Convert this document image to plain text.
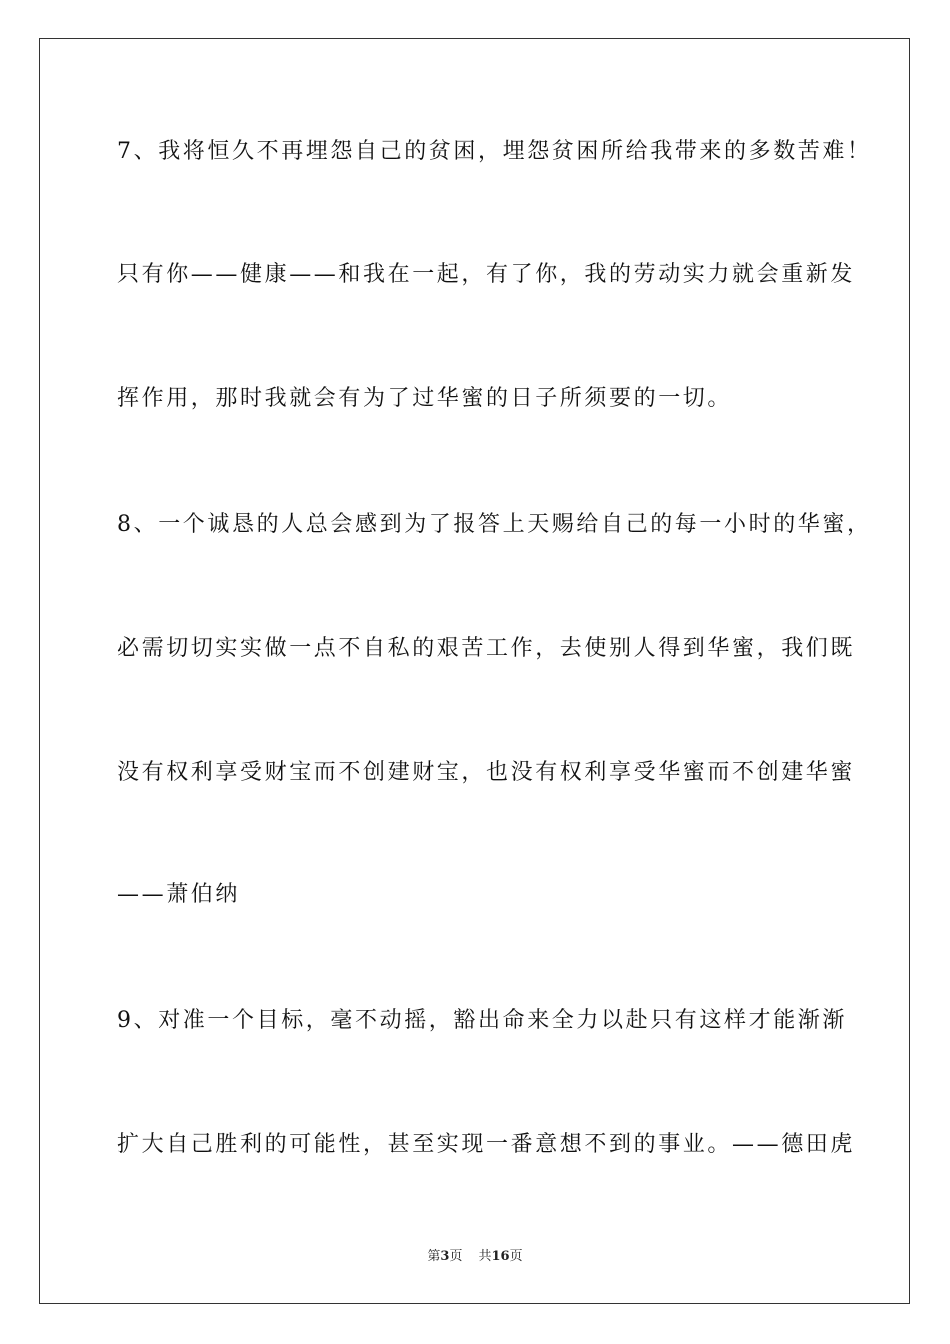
7、我将恒久不再埋怨自己的贫困，埋怨贫困所给我带来的多数苦难！
只有你——健康——和我在一起，有了你，我的劳动实力就会重新发
挥作用，那时我就会有为了过华蜜的日子所须要的一切。
8、一个诚恳的人总会感到为了报答上天赐给自己的每一小时的华蜜，
必需切切实实做一点不自私的艰苦工作，去使别人得到华蜜，我们既
没有权利享受财宝而不创建财宝，也没有权利享受华蜜而不创建华蜜
——萧伯纳
9、对准一个目标，毫不动摇，豁出命来全力以赴只有这样才能渐渐
扩大自己胜利的可能性，甚至实现一番意想不到的事业。——德田虎
第3页 共16页
